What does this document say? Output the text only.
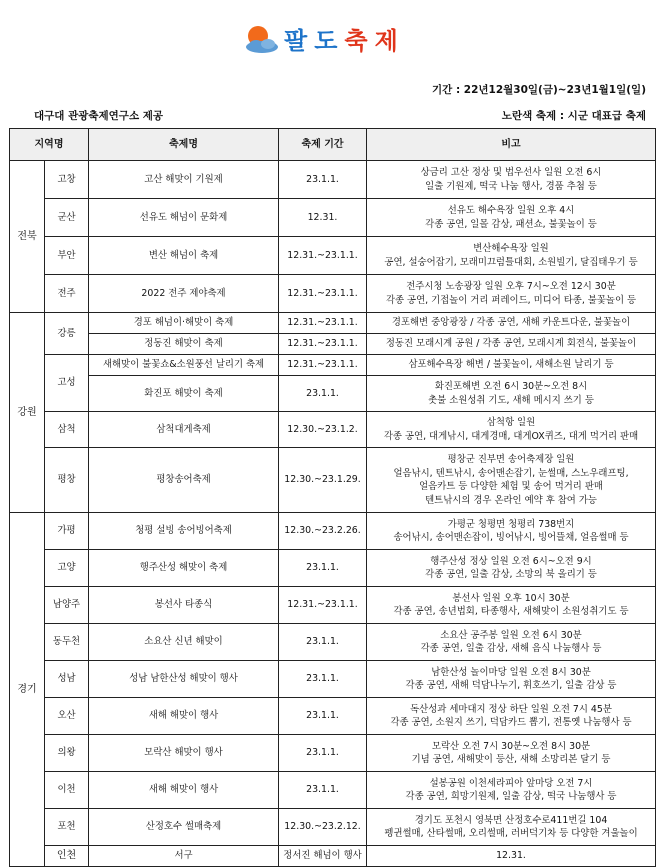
팔 도 축 제
기간 : 22년12월30일(금)~23년1월1일(일)
대구대 관광축제연구소 제공	노란색 축제 : 시군 대표급 축제
지역명		축제명	축제 기간	비고	
전북	고창	고산 해맞이 기원제	23.1.1.	상금리 고산 정상 및 법우선사 일원 오전 6시
일출 기원제, 떡국 나눔 행사, 경품 추첨 등	

	군산	선유도 해넘이 문화제	12.31.	선유도 해수욕장 일원 오후 4시
각종 공연, 일몰 감상, 패션쇼, 불꽃놀이 등	

	부안	변산 해넘이 축제	12.31.~23.1.1.	변산해수욕장 일원
공연, 설숭어잡기, 모래미끄럼틀대회, 소원빌기, 달집태우기 등	

	전주	2022 전주 제야축제	12.31.~23.1.1.	전주시청 노송광장 일원 오후 7시~오전 12시 30분
각종 공연, 기접놀이 거리 퍼레이드, 미디어 타종, 불꽃놀이 등	

강원	강릉	경포 해넘이·해맞이 축제	12.31.~23.1.1.	경포해변 중앙광장 / 각종 공연, 새해 카운트다운, 불꽃놀이	

		정동진 해맞이 축제	12.31.~23.1.1.	정동진 모래시계 공원 / 각종 공연, 모래시계 회전식, 불꽃놀이	

	고성	새해맞이 불꽃쇼&소원풍선 날리기 축제	12.31.~23.1.1.	삼포해수욕장 해변 / 불꽃놀이, 새해소원 날리기 등	

		화진포 해맞이 축제	23.1.1.	화진포해변 오전 6시 30분~오전 8시
촛불 소원성취 기도, 새해 메시지 쓰기 등	

	삼척	삼척대게축제	12.30.~23.1.2.	삼척항 일원
각종 공연, 대게낚시, 대게경매, 대게OX퀴즈, 대게 먹거리 판매	

	평창	평창송어축제	12.30.~23.1.29.	평창군 진부면 송어축제장 일원
얼음낚시, 텐트낚시, 송어맨손잡기, 눈썰매, 스노우래프팅,
얼음카트 등 다양한 체험 및 송어 먹거리 판매
텐트낚시의 경우 온라인 예약 후 참여 가능	

경기	가평	청평 설빙 송어빙어축제	12.30.~23.2.26.	가평군 청평면 청평리 738번지
송어낚시, 송어맨손잡이, 빙어낚시, 빙어뜰채, 얼음썰매 등	

	고양	행주산성 해맞이 축제	23.1.1.	행주산성 정상 일원 오전 6시~오전 9시
각종 공연, 일출 감상, 소망의 북 올리기 등	

	남양주	봉선사 타종식	12.31.~23.1.1.	봉선사 일원 오후 10시 30분
각종 공연, 송년법회, 타종행사, 새해맞이 소원성취기도 등	

	동두천	소요산 신년 해맞이	23.1.1.	소요산 공주봉 일원 오전 6시 30분
각종 공연, 일출 감상, 새해 음식 나눔행사 등	

	성남	성남 남한산성 해맞이 행사	23.1.1.	남한산성 놀이마당 일원 오전 8시 30분
각종 공연, 새해 덕담나누기, 휘호쓰기, 일출 감상 등	

	오산	새해 해맞이 행사	23.1.1.	독산성과 세마대지 정상 하단 일원 오전 7시 45분
각종 공연, 소원지 쓰기, 덕담카드 뽑기, 전통옛 나눔행사 등	

	의왕	모락산 해맞이 행사	23.1.1.	모락산 오전 7시 30분~오전 8시 30분
기념 공연, 새해맞이 등산, 새해 소망리본 달기 등	

	이천	새해 해맞이 행사	23.1.1.	설봉공원 이천세라피아 앞마당 오전 7시
각종 공연, 희망기원제, 일출 감상, 떡국 나눔행사 등	

	포천	산정호수 썰매축제	12.30.~23.2.12.	경기도 포천시 영북면 산정호수로411번길 104
펭귄썰매, 산타썰매, 오리썰매, 러버덕기차 등 다양한 겨울놀이	

	인천	서구	정서진 해넘이 행사	12.31.	
